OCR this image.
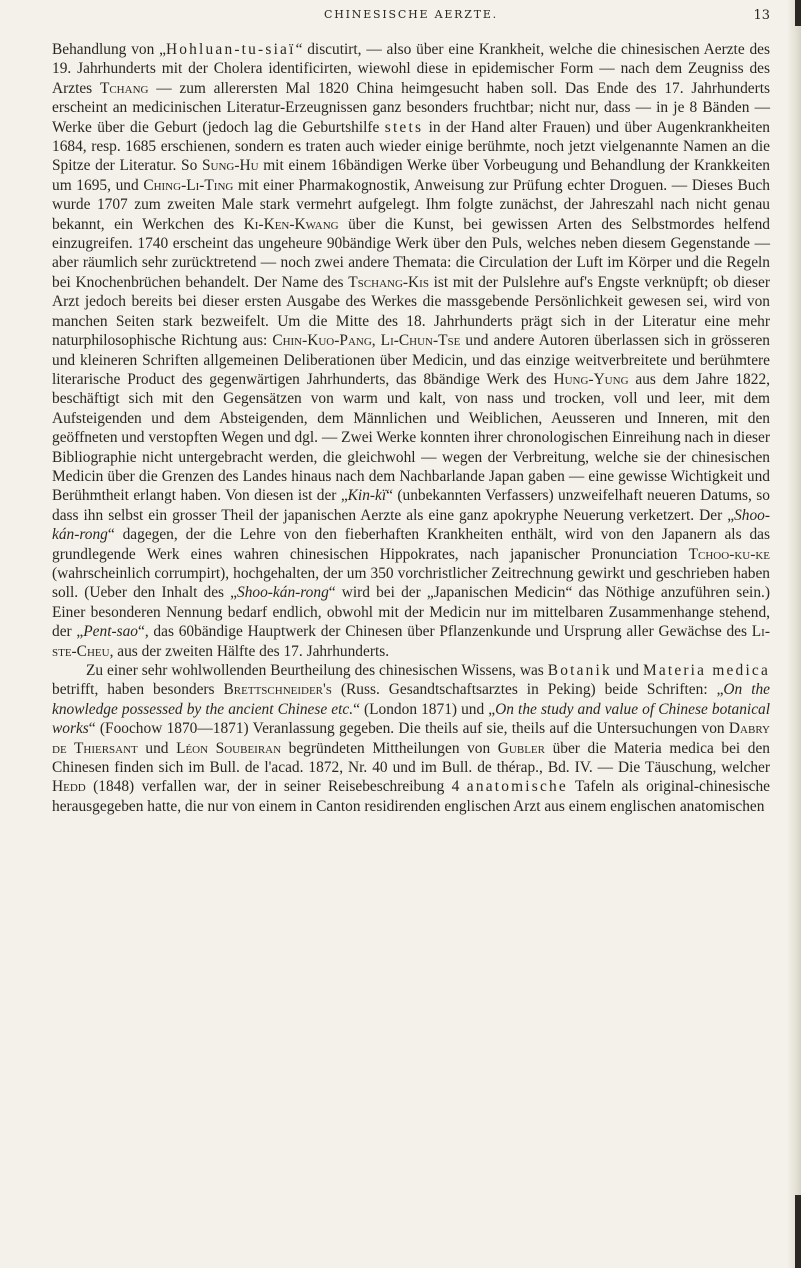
CHINESISCHE AERZTE.	13

Behandlung von „Hohluan-tu-siaï“ discutirt, — also über eine Krankheit, welche die chinesischen Aerzte des 19. Jahrhunderts mit der Cholera identificirten, wiewohl diese in epidemischer Form — nach dem Zeugniss des Arztes Tchang — zum allerersten Mal 1820 China heimgesucht haben soll. Das Ende des 17. Jahrhunderts erscheint an medicinischen Literatur-Erzeugnissen ganz besonders fruchtbar; nicht nur, dass — in je 8 Bänden — Werke über die Geburt (jedoch lag die Geburtshilfe stets in der Hand alter Frauen) und über Augenkrankheiten 1684, resp. 1685 erschienen, sondern es traten auch wieder einige berühmte, noch jetzt vielgenannte Namen an die Spitze der Literatur. So Sung-Hu mit einem 16bändigen Werke über Vorbeugung und Behandlung der Krankkeiten um 1695, und Ching-Li-Ting mit einer Pharmakognostik, Anweisung zur Prüfung echter Droguen. — Dieses Buch wurde 1707 zum zweiten Male stark vermehrt aufgelegt. Ihm folgte zunächst, der Jahreszahl nach nicht genau bekannt, ein Werkchen des Ki-Ken-Kwang über die Kunst, bei gewissen Arten des Selbstmordes helfend einzugreifen. 1740 erscheint das ungeheure 90bändige Werk über den Puls, welches neben diesem Gegenstande — aber räumlich sehr zurücktretend — noch zwei andere Themata: die Circulation der Luft im Körper und die Regeln bei Knochenbrüchen behandelt. Der Name des Tschang-Kis ist mit der Pulslehre auf's Engste verknüpft; ob dieser Arzt jedoch bereits bei dieser ersten Ausgabe des Werkes die massgebende Persönlichkeit gewesen sei, wird von manchen Seiten stark bezweifelt. Um die Mitte des 18. Jahrhunderts prägt sich in der Literatur eine mehr naturphilosophische Richtung aus: Chin-Kuo-Pang, Li-Chun-Tse und andere Autoren überlassen sich in grösseren und kleineren Schriften allgemeinen Deliberationen über Medicin, und das einzige weitverbreitete und berühmtere literarische Product des gegenwärtigen Jahrhunderts, das 8bändige Werk des Hung-Yung aus dem Jahre 1822, beschäftigt sich mit den Gegensätzen von warm und kalt, von nass und trocken, voll und leer, mit dem Aufsteigenden und dem Absteigenden, dem Männlichen und Weiblichen, Aeusseren und Inneren, mit den geöffneten und verstopften Wegen und dgl. — Zwei Werke konnten ihrer chronologischen Einreihung nach in dieser Bibliographie nicht untergebracht werden, die gleichwohl — wegen der Verbreitung, welche sie der chinesischen Medicin über die Grenzen des Landes hinaus nach dem Nachbarlande Japan gaben — eine gewisse Wichtigkeit und Berühmtheit erlangt haben. Von diesen ist der „Kin-kï“ (unbekannten Verfassers) unzweifelhaft neueren Datums, so dass ihn selbst ein grosser Theil der japanischen Aerzte als eine ganz apokryphe Neuerung verketzert. Der „Shoo-kán-rong“ dagegen, der die Lehre von den fieberhaften Krankheiten enthält, wird von den Japanern als das grundlegende Werk eines wahren chinesischen Hippokrates, nach japanischer Pronunciation Tchoo-ku-ke (wahrscheinlich corrumpirt), hochgehalten, der um 350 vorchristlicher Zeitrechnung gewirkt und geschrieben haben soll. (Ueber den Inhalt des „Shoo-kán-rong“ wird bei der „Japanischen Medicin“ das Nöthige anzuführen sein.) Einer besonderen Nennung bedarf endlich, obwohl mit der Medicin nur im mittelbaren Zusammenhange stehend, der „Pent-sao“, das 60bändige Hauptwerk der Chinesen über Pflanzenkunde und Ursprung aller Gewächse des Li-ste-Cheu, aus der zweiten Hälfte des 17. Jahrhunderts.

Zu einer sehr wohlwollenden Beurtheilung des chinesischen Wissens, was Botanik und Materia medica betrifft, haben besonders Brettschneider's (Russ. Gesandtschaftsarztes in Peking) beide Schriften: „On the knowledge possessed by the ancient Chinese etc.“ (London 1871) und „On the study and value of Chinese botanical works“ (Foochow 1870—1871) Veranlassung gegeben. Die theils auf sie, theils auf die Untersuchungen von Dabry de Thiersant und Léon Soubeiran begründeten Mittheilungen von Gubler über die Materia medica bei den Chinesen finden sich im Bull. de l'acad. 1872, Nr. 40 und im Bull. de thérap., Bd. IV. — Die Täuschung, welcher Hedd (1848) verfallen war, der in seiner Reisebeschreibung 4 anatomische Tafeln als original-chinesische herausgegeben hatte, die nur von einem in Canton residirenden englischen Arzt aus einem englischen anatomischen
